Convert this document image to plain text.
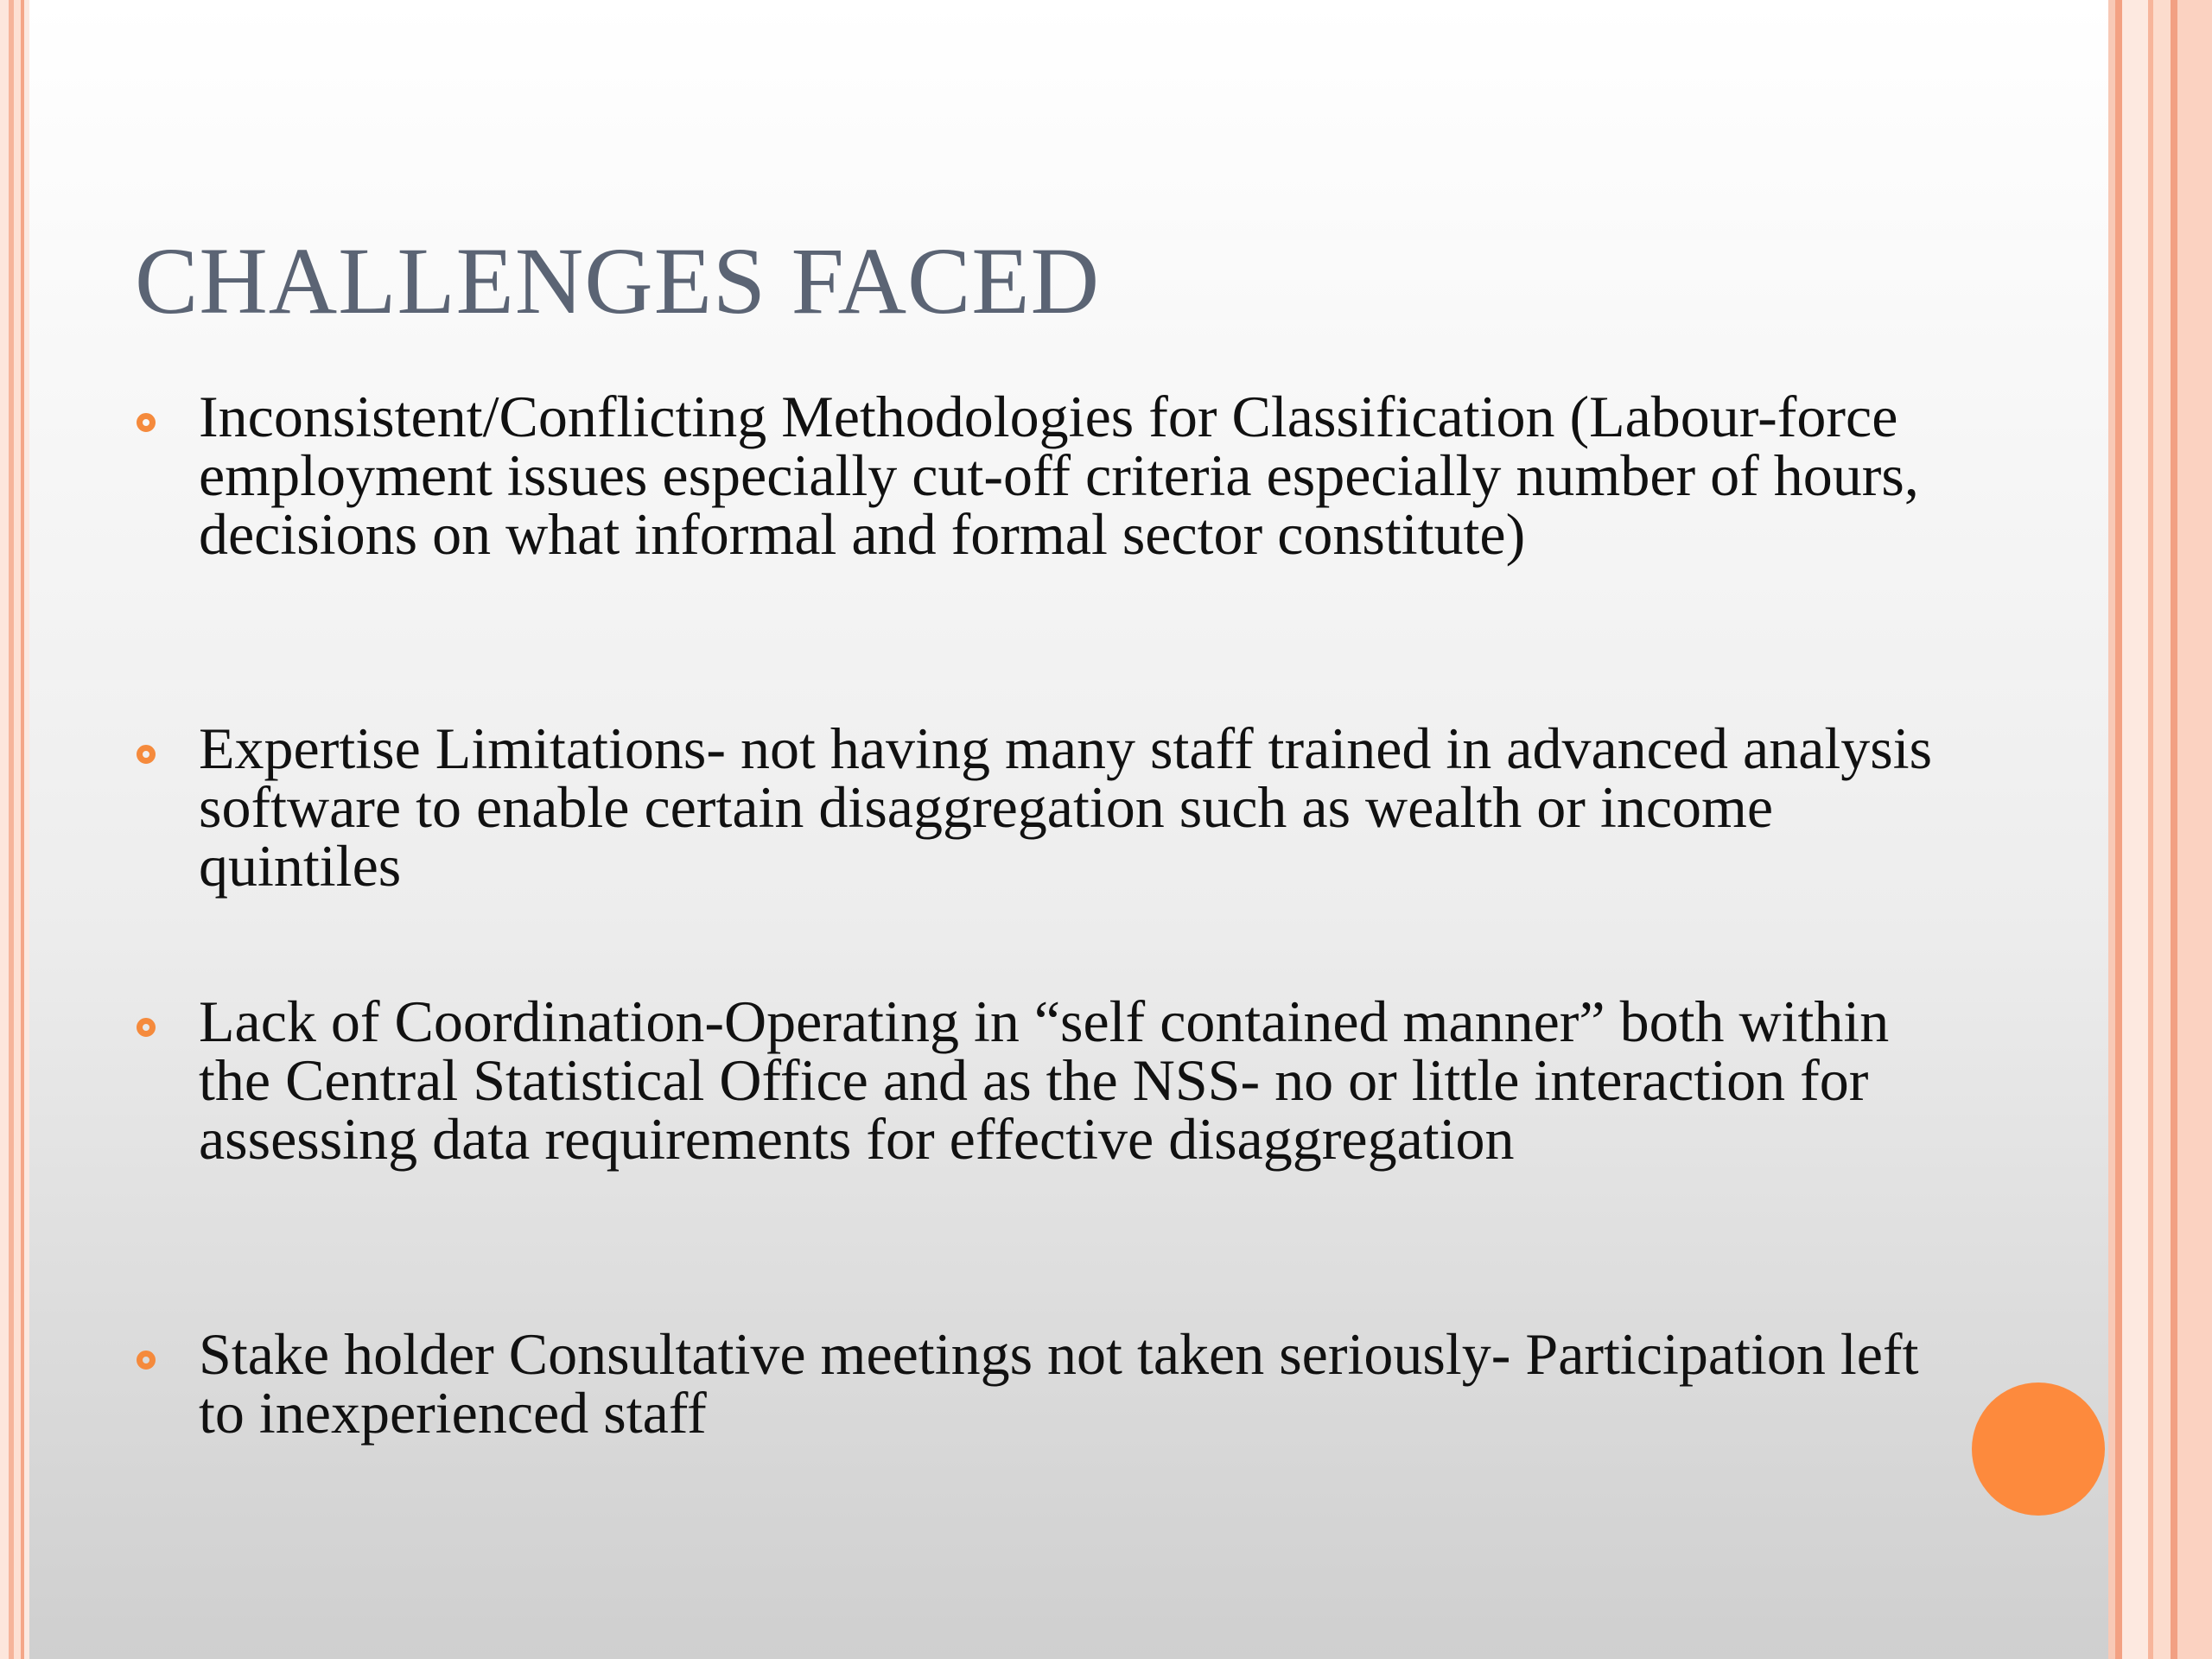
CHALLENGES FACED
Inconsistent/Conflicting Methodologies for Classification (Labour-force employment issues especially cut-off criteria especially number of hours, decisions on what informal and formal sector constitute)
Expertise Limitations- not having many staff trained in advanced analysis software to enable certain disaggregation such as wealth or income quintiles
Lack of Coordination-Operating in “self contained manner” both within the Central Statistical Office and as the NSS- no or little interaction for assessing data requirements for effective disaggregation
Stake holder Consultative meetings not taken seriously- Participation left to inexperienced staff
